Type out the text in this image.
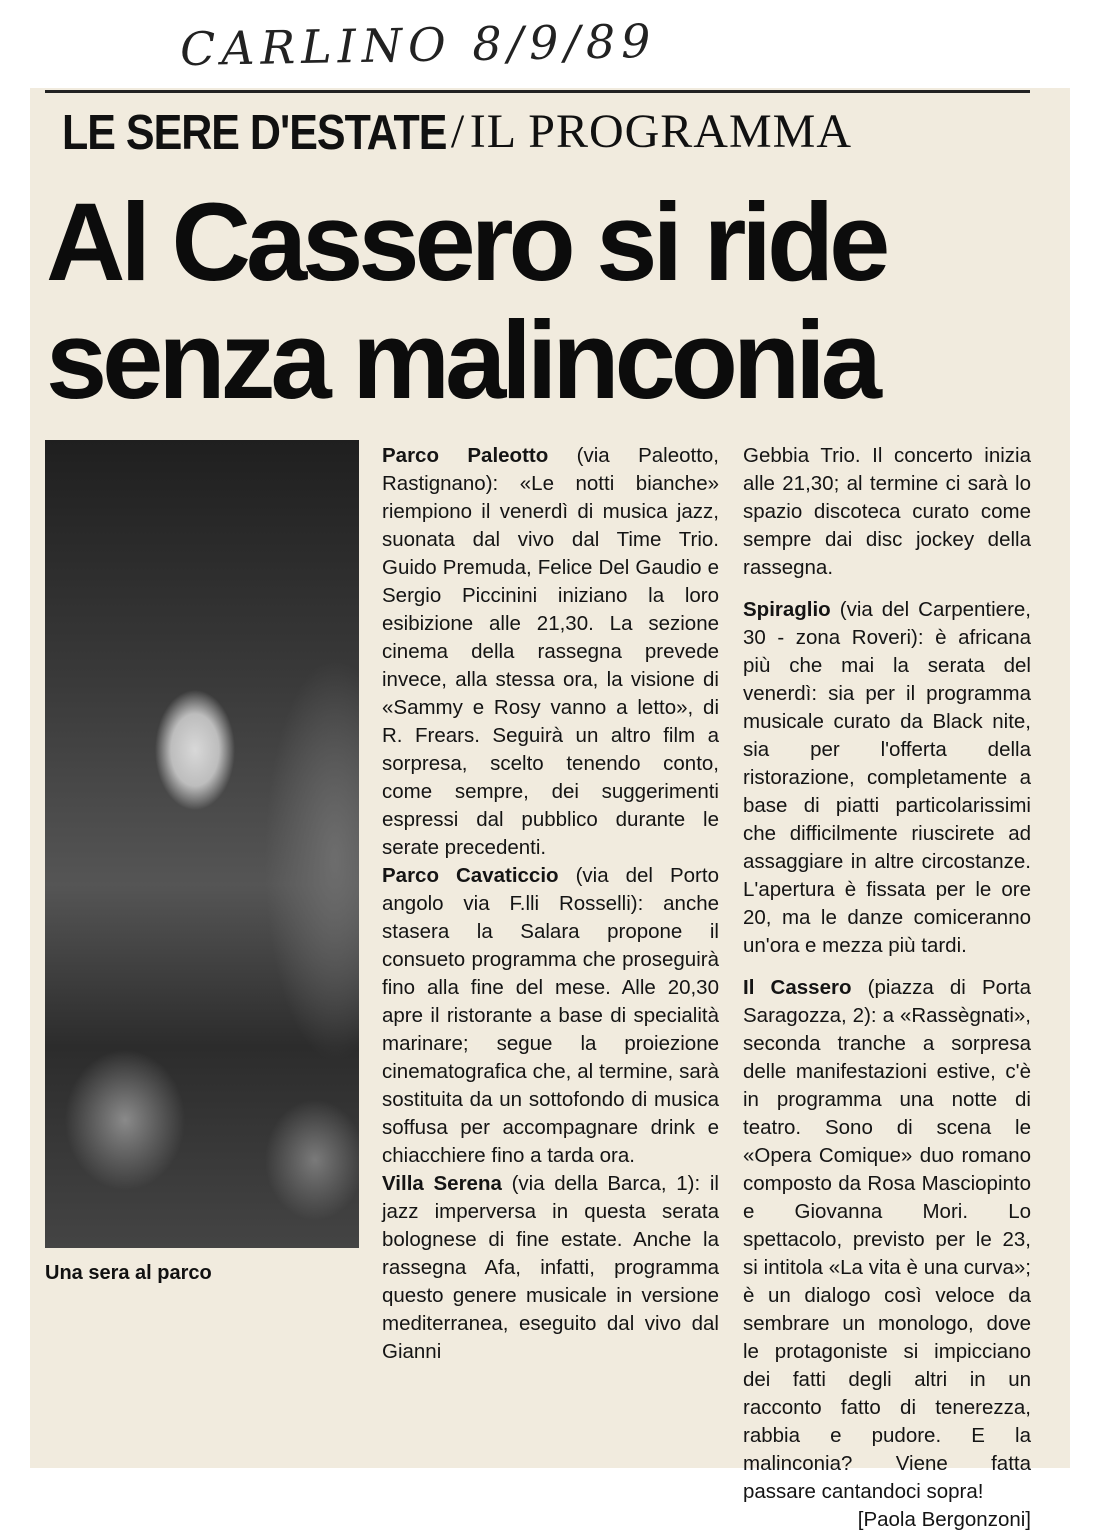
CARLINO 8/9/89
LE SERE D'ESTATE / IL PROGRAMMA
Al Cassero si ride
senza malinconia
Una sera al parco

Parco Paleotto (via Paleotto, Rastignano): «Le notti bianche» riempiono il venerdì di musica jazz, suonata dal vivo dal Time Trio. Guido Premuda, Felice Del Gaudio e Sergio Piccinini iniziano la loro esibizione alle 21,30. La sezione cinema della rassegna prevede invece, alla stessa ora, la visione di «Sammy e Rosy vanno a letto», di R. Frears. Seguirà un altro film a sorpresa, scelto tenendo conto, come sempre, dei suggerimenti espressi dal pubblico durante le serate precedenti.

Parco Cavaticcio (via del Porto angolo via F.lli Rosselli): anche stasera la Salara propone il consueto programma che proseguirà fino alla fine del mese. Alle 20,30 apre il ristorante a base di specialità marinare; segue la proiezione cinematografica che, al termine, sarà sostituita da un sottofondo di musica soffusa per accompagnare drink e chiacchiere fino a tarda ora.

Villa Serena (via della Barca, 1): il jazz imperversa in questa serata bolognese di fine estate. Anche la rassegna Afa, infatti, programma questo genere musicale in versione mediterranea, eseguito dal vivo dal Gianni

Gebbia Trio. Il concerto inizia alle 21,30; al termine ci sarà lo spazio discoteca curato come sempre dai disc jockey della rassegna.

Spiraglio (via del Carpentiere, 30 - zona Roveri): è africana più che mai la serata del venerdì: sia per il programma musicale curato da Black nite, sia per l'offerta della ristorazione, completamente a base di piatti particolarissimi che difficilmente riuscirete ad assaggiare in altre circostanze. L'apertura è fissata per le ore 20, ma le danze comiceranno un'ora e mezza più tardi.

Il Cassero (piazza di Porta Saragozza, 2): a «Rassègnati», seconda tranche a sorpresa delle manifestazioni estive, c'è in programma una notte di teatro. Sono di scena le «Opera Comique» duo romano composto da Rosa Masciopinto e Giovanna Mori. Lo spettacolo, previsto per le 23, si intitola «La vita è una curva»; è un dialogo così veloce da sembrare un monologo, dove le protagoniste si impicciano dei fatti degli altri in un racconto fatto di tenerezza, rabbia e pudore. E la malinconia? Viene fatta passare cantandoci sopra!

[Paola Bergonzoni]
